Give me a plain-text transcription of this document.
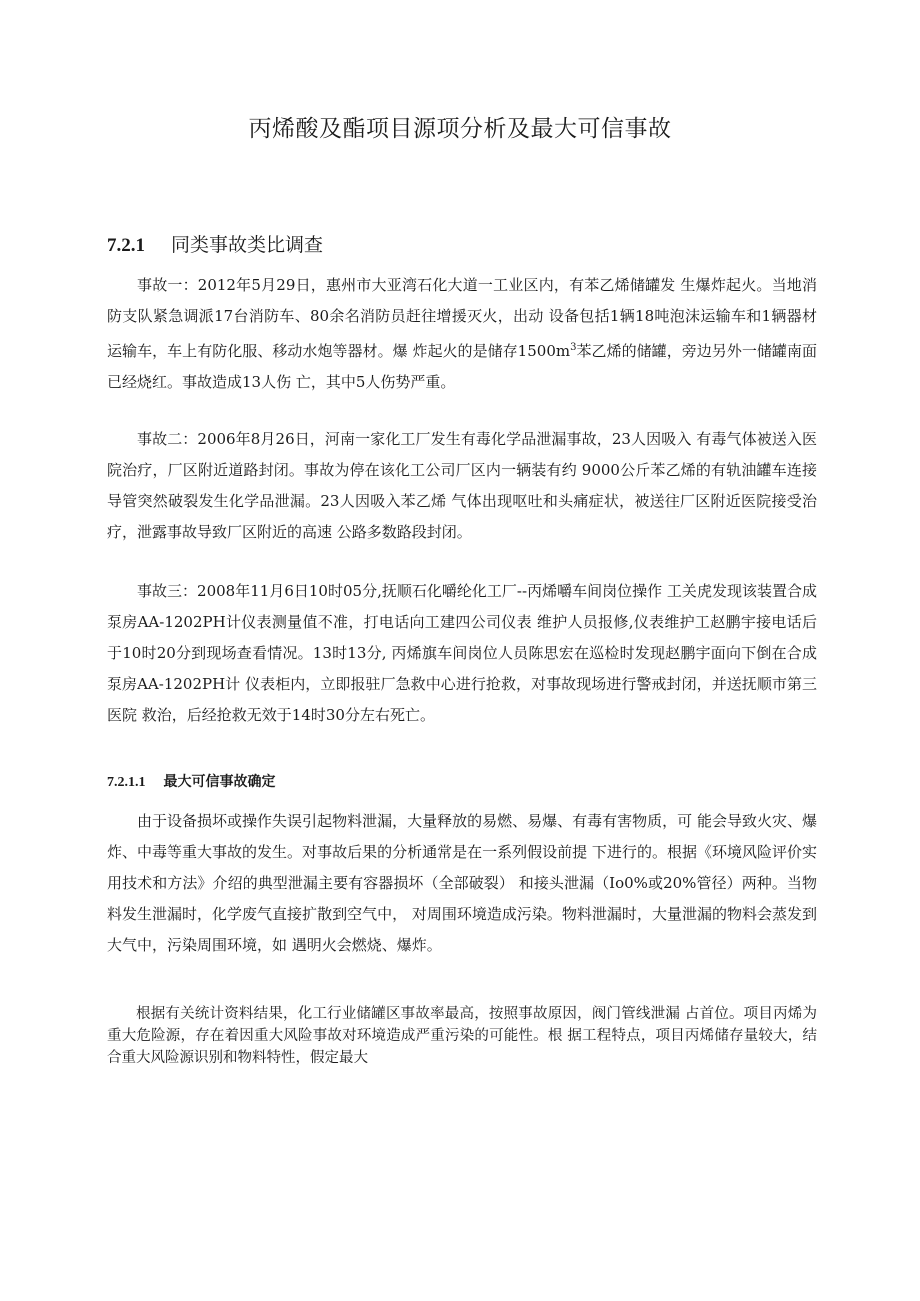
丙烯酸及酯项目源项分析及最大可信事故
7.2.1 同类事故类比调查

事故一：2012年5月29日，惠州市大亚湾石化大道一工业区内，有苯乙烯储罐发 生爆炸起火。当地消防支队紧急调派17台消防车、80余名消防员赶往增援灭火，出动 设备包括1辆18吨泡沫运输车和1辆器材运输车，车上有防化服、移动水炮等器材。爆 炸起火的是储存$1500m^3$苯乙烯的储罐，旁边另外一储罐南面已经烧红。事故造成13人伤 亡，其中5人伤势严重。

事故二：2006年8月26日，河南一家化工厂发生有毒化学品泄漏事故，23人因吸入 有毒气体被送入医院治疗，厂区附近道路封闭。事故为停在该化工公司厂区内一辆装有约 9000公斤苯乙烯的有轨油罐车连接导管突然破裂发生化学品泄漏。23人因吸入苯乙烯 气体出现呕吐和头痛症状，被送往厂区附近医院接受治疗，泄露事故导致厂区附近的高速 公路多数路段封闭。

事故三：2008年11月6日10时05分,抚顺石化嚼纶化工厂--丙烯嚼车间岗位操作 工关虎发现该装置合成泵房AA-1202PH计仪表测量值不准，打电话向工建四公司仪表 维护人员报修,仪表维护工赵鹏宇接电话后于10时20分到现场查看情况。13时13分, 丙烯旗车间岗位人员陈思宏在巡检时发现赵鹏宇面向下倒在合成泵房AA-1202PH计 仪表柜内，立即报驻厂急救中心进行抢救，对事故现场进行警戒封闭，并送抚顺市第三医院 救治，后经抢救无效于14时30分左右死亡。

7.2.1.1 最大可信事故确定

由于设备损坏或操作失误引起物料泄漏，大量释放的易燃、易爆、有毒有害物质，可 能会导致火灾、爆炸、中毒等重大事故的发生。对事故后果的分析通常是在一系列假设前提 下进行的。根据《环境风险评价实用技术和方法》介绍的典型泄漏主要有容器损坏（全部破裂） 和接头泄漏（Io0%或20%管径）两种。当物料发生泄漏时，化学废气直接扩散到空气中， 对周围环境造成污染。物料泄漏时，大量泄漏的物料会蒸发到大气中，污染周围环境，如 遇明火会燃烧、爆炸。

根据有关统计资料结果，化工行业储罐区事故率最高，按照事故原因，阀门管线泄漏 占首位。项目丙烯为重大危险源，存在着因重大风险事故对环境造成严重污染的可能性。根 据工程特点，项目丙烯储存量较大，结合重大风险源识别和物料特性，假定最大
